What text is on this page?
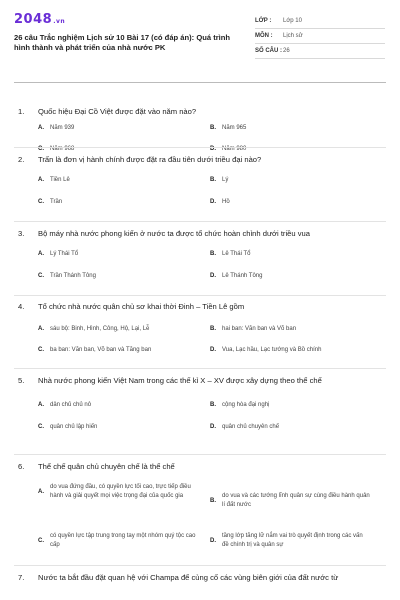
2048.vn
26 câu Trắc nghiệm Lịch sử 10 Bài 17 (có đáp án): Quá trình hình thành và phát triển của nhà nước PK
LỚP :	Lớp 10
MÔN :	Lịch sử
SỐ CÂU : 26
1.	Quốc hiệu Đại Cồ Việt được đặt vào năm nào?
A.	Năm 939	B.	Năm 965
C.	Năm 968	D.	Năm 980
2.	Trấn là đơn vị hành chính được đặt ra đầu tiên dưới triều đại nào?
A.	Tiền Lê	B.	Lý
C.	Trần	D.	Hồ
3.	Bộ máy nhà nước phong kiến ở nước ta được tổ chức hoàn chỉnh dưới triều vua
A.	Lý Thái Tổ	B.	Lê Thái Tổ
C.	Trần Thánh Tông	D.	Lê Thánh Tông
4.	Tổ chức nhà nước quân chủ sơ khai thời Đinh – Tiền Lê gồm
A.	sáu bộ: Binh, Hình, Công, Hộ, Lại, Lễ	B.	hai ban: Văn ban và Võ ban
C.	ba ban: Văn ban, Võ ban và Tăng ban	D.	Vua, Lạc hầu, Lạc tướng và Bồ chính
5.	Nhà nước phong kiến Việt Nam trong các thế kỉ X – XV được xây dựng theo thể chế
A.	dân chủ chủ nô	B.	cộng hòa đại nghị
C.	quân chủ lập hiến	D.	quân chủ chuyên chế
6.	Thể chế quân chủ chuyên chế là thể chế
A.
do vua đứng đầu, có quyền lực tối cao, trực tiếp điều hành và giải quyết mọi việc trọng đại của quốc gia
B.
do vua và các tướng lĩnh quân sự cùng điều hành quản lí đất nước
C.
có quyền lực tập trung trong tay một nhóm quý tộc cao cấp
D.
tầng lớp tăng lữ nắm vai trò quyết định trong các vấn đề chính trị và quân sự
7.	Nước ta bắt đầu đặt quan hệ với Champa để củng cố các vùng biên giới của đất nước từ
